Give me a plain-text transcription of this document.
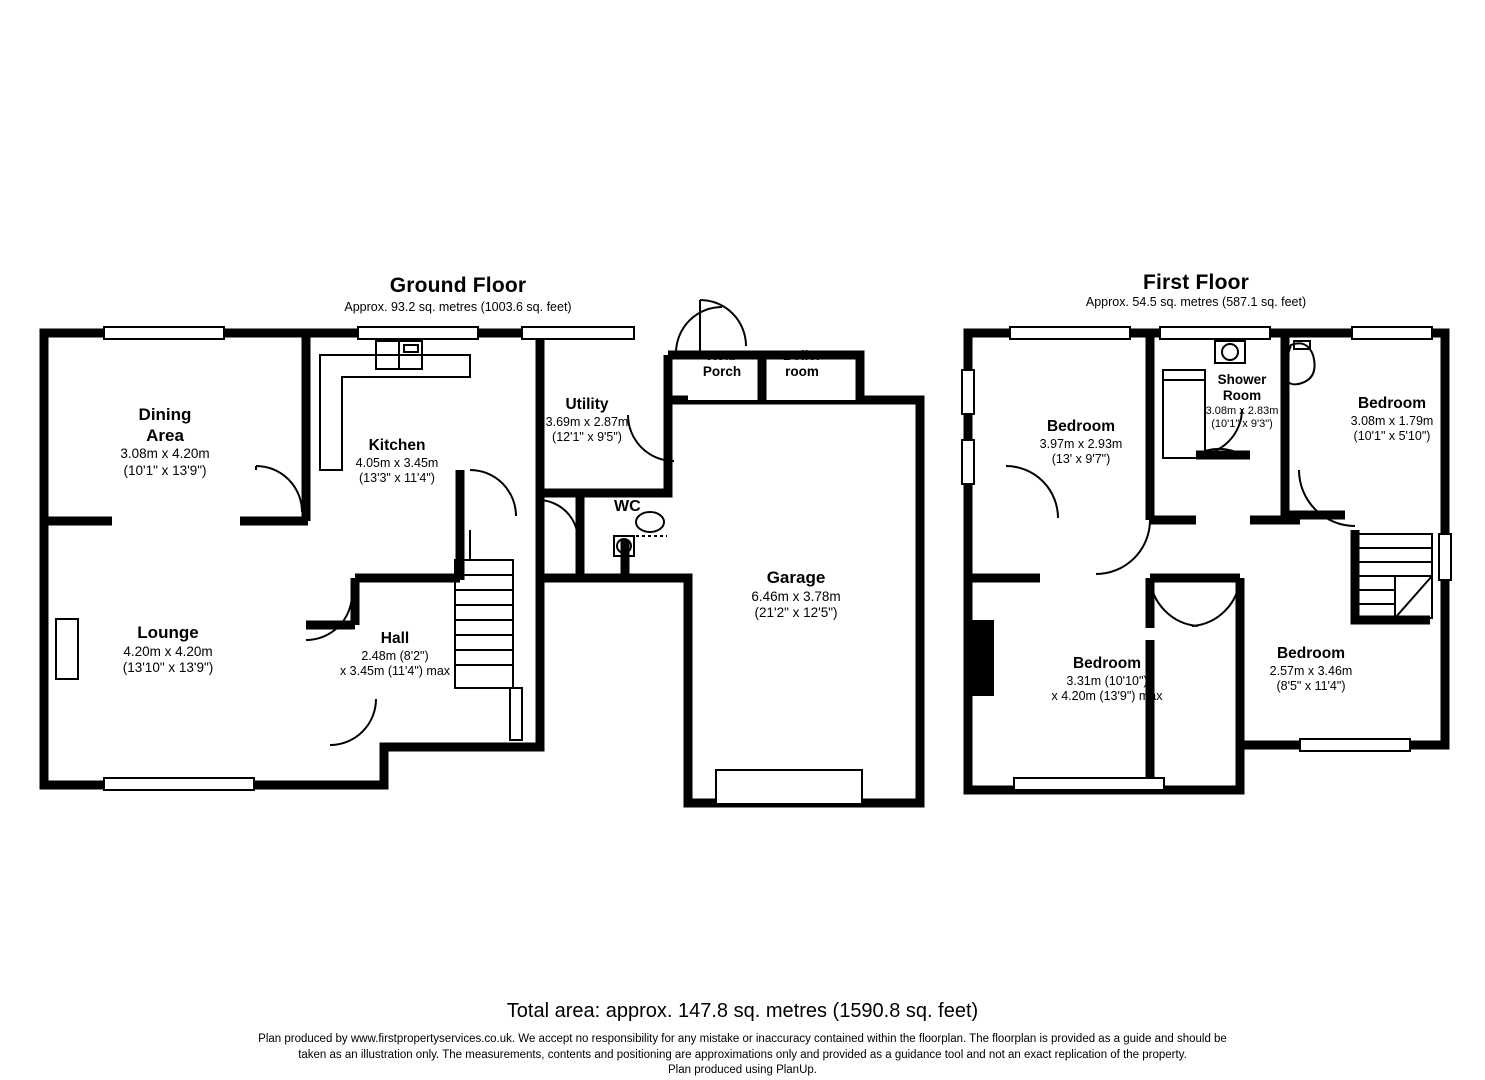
Ground Floor
Approx. 93.2 sq. metres (1003.6 sq. feet)
First Floor
Approx. 54.5 sq. metres (587.1 sq. feet)
Dining
Area
3.08m x 4.20m
(10'1" x 13'9")
Kitchen
4.05m x 3.45m
(13'3" x 11'4")
Lounge
4.20m x 4.20m
(13'10" x 13'9")
Hall
2.48m (8'2")
x 3.45m (11'4") max
Utility
3.69m x 2.87m
(12'1" x 9'5")
Rear
Porch
Boiler
room
WC
Garage
6.46m x 3.78m
(21'2" x 12'5")
Bedroom
3.97m x 2.93m
(13' x 9'7")
Shower
Room
3.08m x 2.83m
(10'1" x 9'3")
Bedroom
3.08m x 1.79m
(10'1" x 5'10")
Bedroom
3.31m (10'10")
x 4.20m (13'9") max
Bedroom
2.57m x 3.46m
(8'5" x 11'4")
Total area: approx. 147.8 sq. metres (1590.8 sq. feet)
Plan produced by www.firstpropertyservices.co.uk. We accept no responsibility for any mistake or inaccuracy contained within the floorplan. The floorplan is provided as a guide and should be
taken as an illustration only. The measurements, contents and positioning are approximations only and provided as a guidance tool and not an exact replication of the property.
Plan produced using PlanUp.
